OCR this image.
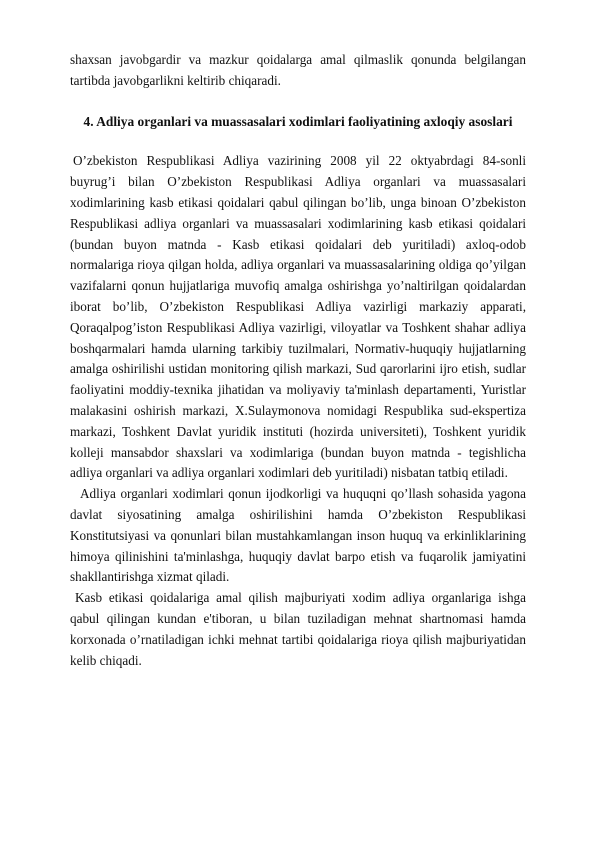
shaxsan javobgardir va mazkur qoidalarga amal qilmaslik qonunda belgilangan tartibda javobgarlikni keltirib chiqaradi.

4. Adliya organlari va muassasalari xodimlari faoliyatining axloqiy asoslari

O’zbekiston Respublikasi Adliya vazirining 2008 yil 22 oktyabrdagi 84-sonli buyrug’i bilan O’zbekiston Respublikasi Adliya organlari va muassasalari xodimlarining kasb etikasi qoidalari qabul qilingan bo’lib, unga binoan O’zbekiston Respublikasi adliya organlari va muassasalari xodimlarining kasb etikasi qoidalari (bundan buyon matnda - Kasb etikasi qoidalari deb yuritiladi) axloq-odob normalariga rioya qilgan holda, adliya organlari va muassasalarining oldiga qo’yilgan vazifalarni qonun hujjatlariga muvofiq amalga oshirishga yo’naltirilgan qoidalardan iborat bo’lib, O’zbekiston Respublikasi Adliya vazirligi markaziy apparati, Qoraqalpog’iston Respublikasi Adliya vazirligi, viloyatlar va Toshkent shahar adliya boshqarmalari hamda ularning tarkibiy tuzilmalari, Normativ-huquqiy hujjatlarning amalga oshirilishi ustidan monitoring qilish markazi, Sud qarorlarini ijro etish, sudlar faoliyatini moddiy-texnika jihatidan va moliyaviy ta'minlash departamenti, Yuristlar malakasini oshirish markazi, X.Sulaymonova nomidagi Respublika sud-ekspertiza markazi, Toshkent Davlat yuridik instituti (hozirda universiteti), Toshkent yuridik kolleji mansabdor shaxslari va xodimlariga (bundan buyon matnda - tegishlicha adliya organlari va adliya organlari xodimlari deb yuritiladi) nisbatan tatbiq etiladi.

Adliya organlari xodimlari qonun ijodkorligi va huquqni qo’llash sohasida yagona davlat siyosatining amalga oshirilishini hamda O’zbekiston Respublikasi Konstitutsiyasi va qonunlari bilan mustahkamlangan inson huquq va erkinliklarining himoya qilinishini ta'minlashga, huquqiy davlat barpo etish va fuqarolik jamiyatini shakllantirishga xizmat qiladi.

Kasb etikasi qoidalariga amal qilish majburiyati xodim adliya organlariga ishga qabul qilingan kundan e'tiboran, u bilan tuziladigan mehnat shartnomasi hamda korxonada o’rnatiladigan ichki mehnat tartibi qoidalariga rioya qilish majburiyatidan kelib chiqadi.
